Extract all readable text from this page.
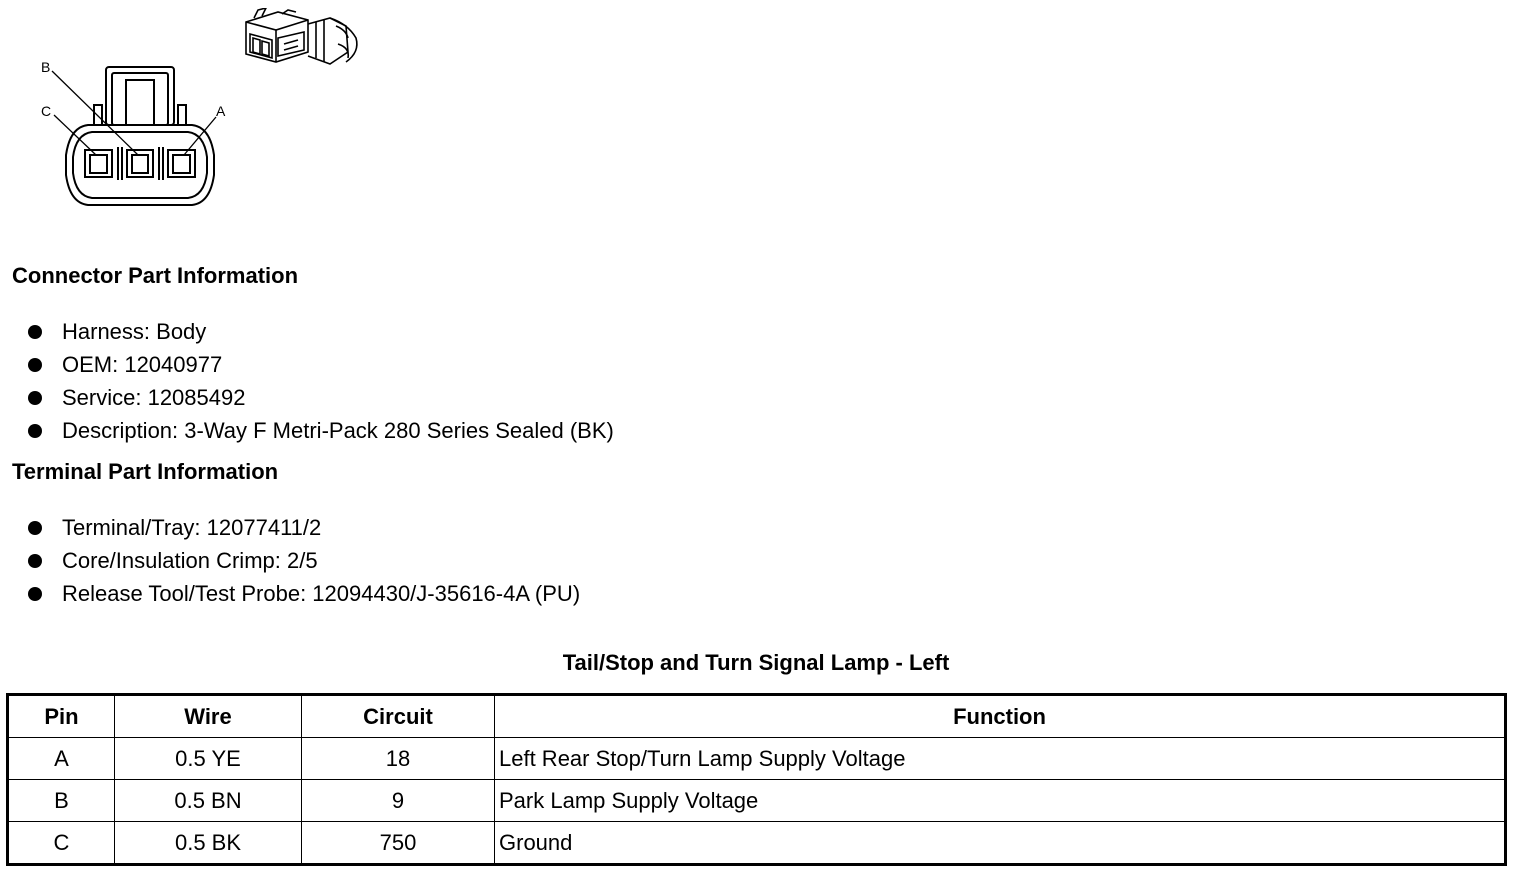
B
C	A
Connector Part Information
Harness: Body
OEM: 12040977
Service: 12085492
Description: 3-Way F Metri-Pack 280 Series Sealed (BK)
Terminal Part Information
Terminal/Tray: 12077411/2
Core/Insulation Crimp: 2/5
Release Tool/Test Probe: 12094430/J-35616-4A (PU)
Tail/Stop and Turn Signal Lamp - Left
Pin	Wire	Circuit	Function
A	0.5 YE	18	Left Rear Stop/Turn Lamp Supply Voltage
B	0.5 BN	9	Park Lamp Supply Voltage
C	0.5 BK	750	Ground
